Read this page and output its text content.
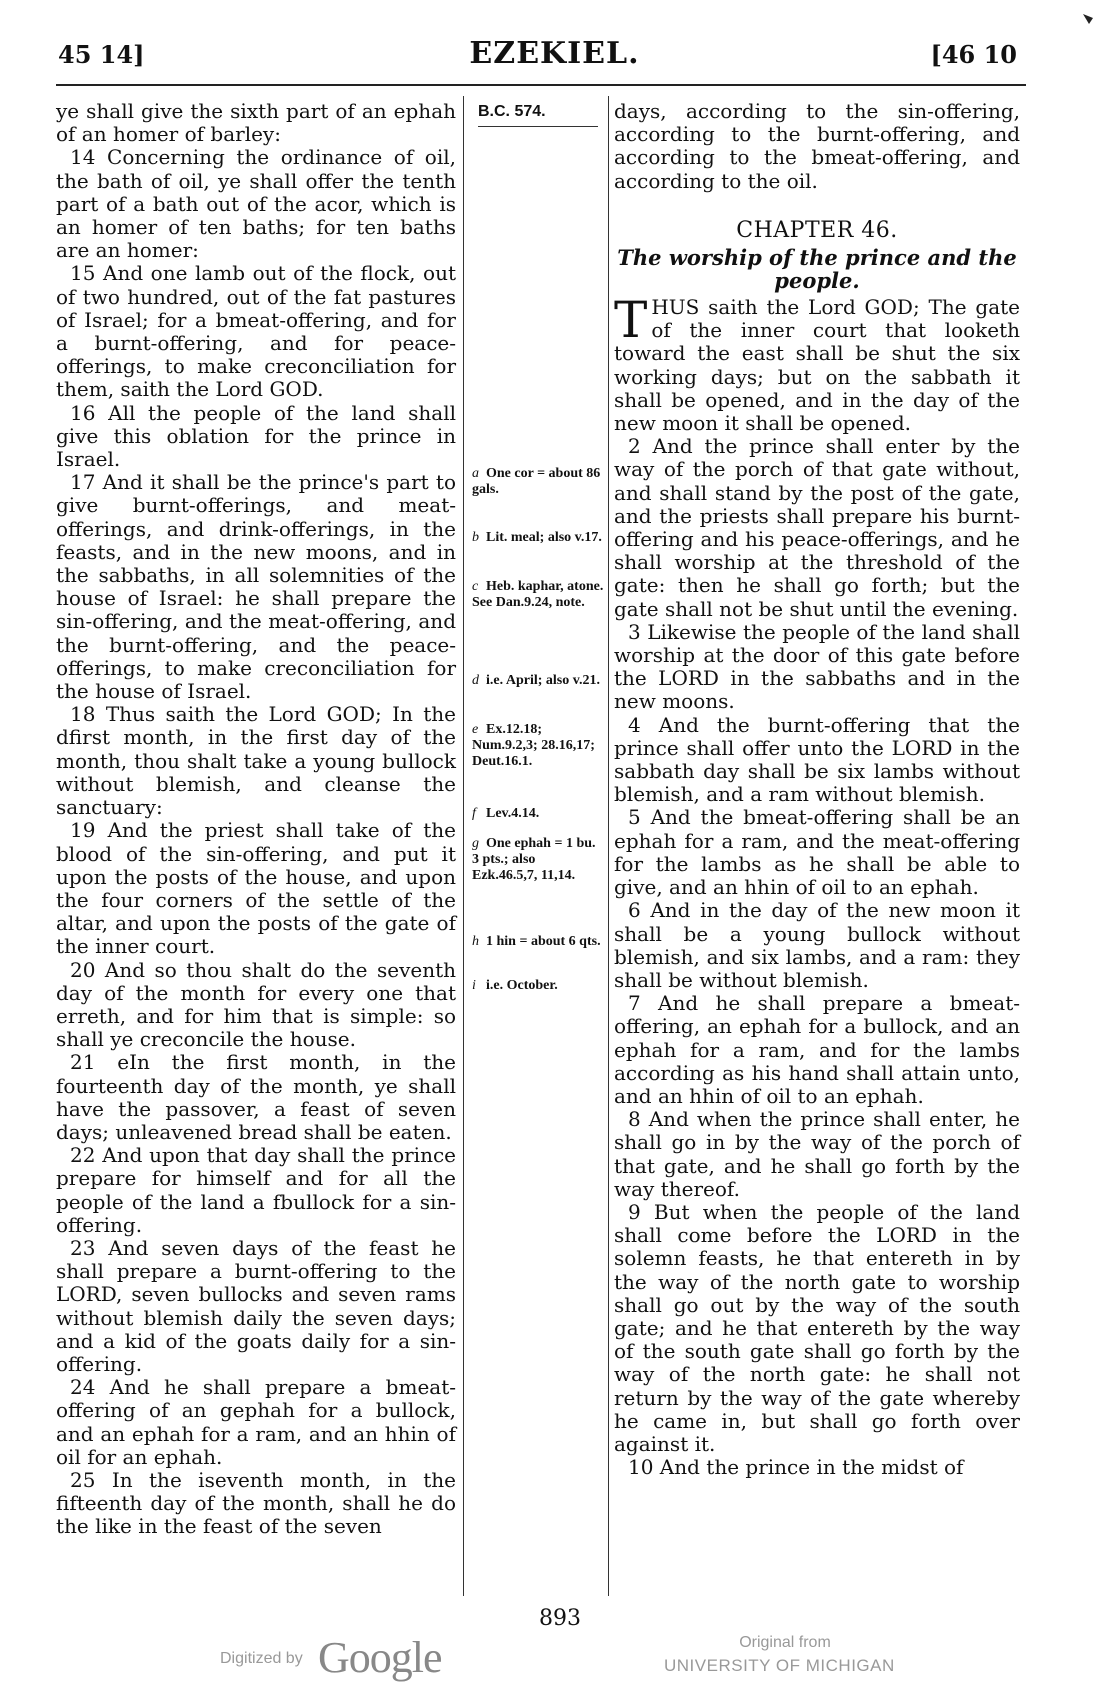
45 14]	EZEKIEL.	[46 10

ye shall give the sixth part of an ephah of an homer of barley:

14 Concerning the ordinance of oil, the bath of oil, ye shall offer the tenth part of a bath out of the acor, which is an homer of ten baths; for ten baths are an homer:

15 And one lamb out of the flock, out of two hundred, out of the fat pastures of Israel; for a bmeat-offering, and for a burnt-offering, and for peace-offerings, to make creconciliation for them, saith the Lord GOD.

16 All the people of the land shall give this oblation for the prince in Israel.

17 And it shall be the prince's part to give burnt-offerings, and meat-offerings, and drink-offerings, in the feasts, and in the new moons, and in the sabbaths, in all solemnities of the house of Israel: he shall prepare the sin-offering, and the meat-offering, and the burnt-offering, and the peace-offerings, to make creconciliation for the house of Israel.

18 Thus saith the Lord GOD; In the dfirst month, in the first day of the month, thou shalt take a young bullock without blemish, and cleanse the sanctuary:

19 And the priest shall take of the blood of the sin-offering, and put it upon the posts of the house, and upon the four corners of the settle of the altar, and upon the posts of the gate of the inner court.

20 And so thou shalt do the seventh day of the month for every one that erreth, and for him that is simple: so shall ye creconcile the house.

21 eIn the first month, in the fourteenth day of the month, ye shall have the passover, a feast of seven days; unleavened bread shall be eaten.

22 And upon that day shall the prince prepare for himself and for all the people of the land a fbullock for a sin-offering.

23 And seven days of the feast he shall prepare a burnt-offering to the LORD, seven bullocks and seven rams without blemish daily the seven days; and a kid of the goats daily for a sin-offering.

24 And he shall prepare a bmeat-offering of an gephah for a bullock, and an ephah for a ram, and an hhin of oil for an ephah.

25 In the iseventh month, in the fifteenth day of the month, shall he do the like in the feast of the seven

B.C. 574.
a One cor = about 86 gals.
b Lit. meal; also v.17.
c Heb. kaphar, atone. See Dan.9.24, note.
d i.e. April; also v.21.
e Ex.12.18; Num.9.2,3; 28.16,17; Deut.16.1.
f Lev.4.14.
g One ephah = 1 bu. 3 pts.; also Ezk.46.5,7, 11,14.
h 1 hin = about 6 qts.
i i.e. October.

days, according to the sin-offering, according to the burnt-offering, and according to the bmeat-offering, and according to the oil.

CHAPTER 46.
The worship of the prince and the people.

THUS saith the Lord GOD; The gate of the inner court that looketh toward the east shall be shut the six working days; but on the sabbath it shall be opened, and in the day of the new moon it shall be opened.

2 And the prince shall enter by the way of the porch of that gate without, and shall stand by the post of the gate, and the priests shall prepare his burnt-offering and his peace-offerings, and he shall worship at the threshold of the gate: then he shall go forth; but the gate shall not be shut until the evening.

3 Likewise the people of the land shall worship at the door of this gate before the LORD in the sabbaths and in the new moons.

4 And the burnt-offering that the prince shall offer unto the LORD in the sabbath day shall be six lambs without blemish, and a ram without blemish.

5 And the bmeat-offering shall be an ephah for a ram, and the meat-offering for the lambs as he shall be able to give, and an hhin of oil to an ephah.

6 And in the day of the new moon it shall be a young bullock without blemish, and six lambs, and a ram: they shall be without blemish.

7 And he shall prepare a bmeat-offering, an ephah for a bullock, and an ephah for a ram, and for the lambs according as his hand shall attain unto, and an hhin of oil to an ephah.

8 And when the prince shall enter, he shall go in by the way of the porch of that gate, and he shall go forth by the way thereof.

9 But when the people of the land shall come before the LORD in the solemn feasts, he that entereth in by the way of the north gate to worship shall go out by the way of the south gate; and he that entereth by the way of the south gate shall go forth by the way of the north gate: he shall not return by the way of the gate whereby he came in, but shall go forth over against it.

10 And the prince in the midst of

893
Digitized by Google	Original from
UNIVERSITY OF MICHIGAN
